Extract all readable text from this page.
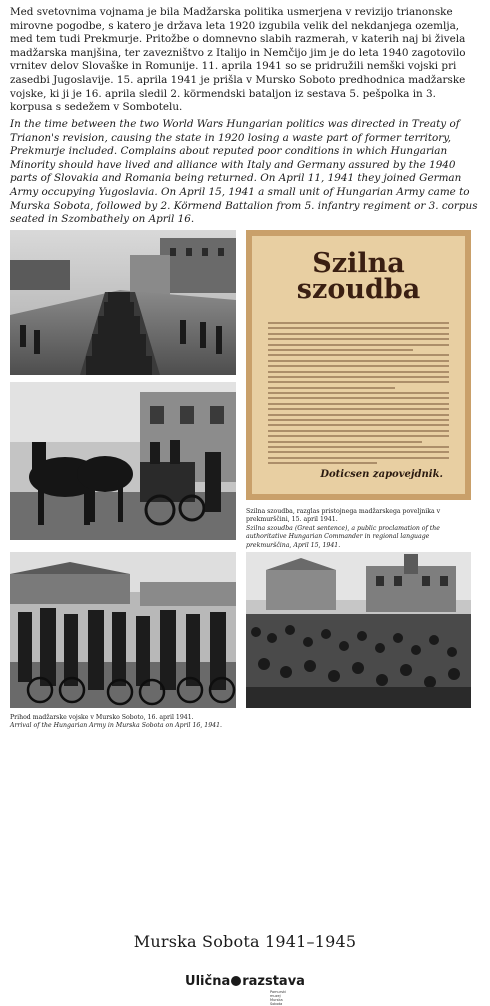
Med svetovnima vojnama je bila Madžarska politika usmerjena v revizijo trianonske mirovne pogodbe, s katero je država leta 1920 izgubila velik del nekdanjega ozemlja, med tem tudi Prekmurje. Pritožbe o domnevno slabih razmerah, v katerih naj bi živela madžarska manjšina, ter zavezništvo z Italijo in Nemčijo jim je do leta 1940 zagotovilo vrnitev delov Slovaške in Romunije. 11. aprila 1941 so se pridružili nemški vojski pri zasedbi Jugoslavije. 15. aprila 1941 je prišla v Mursko Soboto predhodnica madžarske vojske, ki ji je 16. aprila sledil 2. körmendski bataljon iz sestava 5. pešpolka in 3. korpusa s sedežem v Sombotelu.

In the time between the two World Wars Hungarian politics was directed in Treaty of Trianon's revision, causing the state in 1920 losing a waste part of former territory, Prekmurje included. Complains about reputed poor conditions in which Hungarian Minority should have lived and alliance with Italy and Germany assured by the 1940 parts of Slovakia and Romania being returned. On April 11, 1941 they joined German Army occupying Yugoslavia. On April 15, 1941 a small unit of Hungarian Army came to Murska Sobota, followed by 2. Körmend Battalion from 5. infantry regiment or 3. corpus seated in Szombathely on April 16.

Szilna
szoudba
Doticsen zapovejdnik.
Szilna szoudba, razglas pristojnega madžarskega poveljnika v prekmurščini, 15. april 1941.
Szilna szoudba (Great sentence), a public proclamation of the authoritative Hungarian Commander in regional language prekmurščina, April 15, 1941.
Prihod madžarske vojske v Mursko Soboto, 16. april 1941.
Arrival of the Hungarian Army in Murska Sobota on April 16, 1941.
Murska Sobota 1941–1945
Ulična razstava
Pomurski muzej Murska Sobota
